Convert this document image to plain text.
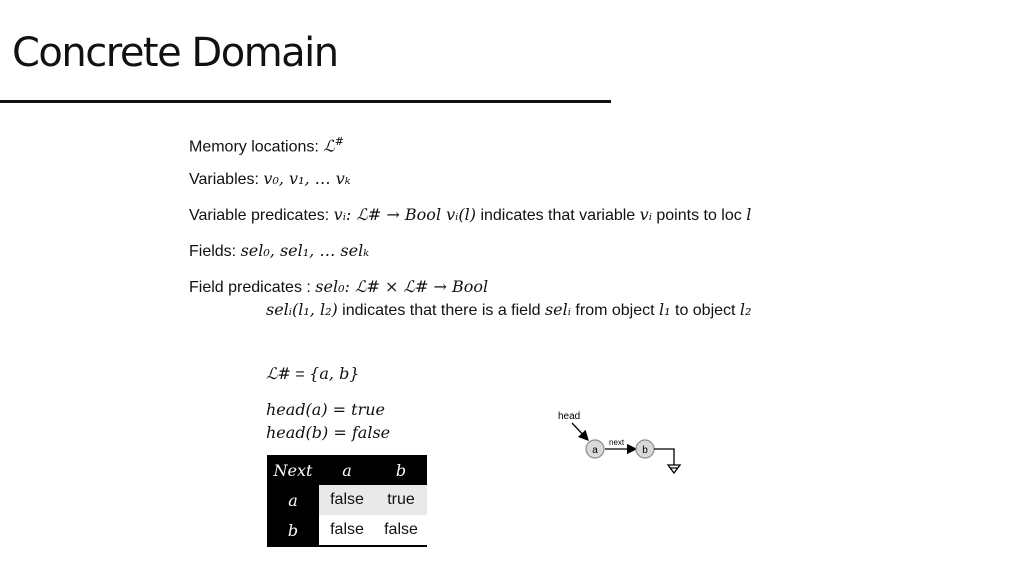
Concrete Domain
Memory locations: ℒ#
Variables: v₀, v₁, … vₖ
Variable predicates: vᵢ: ℒ# → Bool vᵢ(l) indicates that variable vᵢ points to loc l
Fields: sel₀, sel₁, … selₖ
Field predicates : sel₀: ℒ# × ℒ# → Bool
selᵢ(l₁, l₂) indicates that there is a field selᵢ from object l₁ to object l₂
ℒ# = {a, b}
head(a) = true
head(b) = false
Next	a	b
a	false	true
b	false	false
head
next
a	b
